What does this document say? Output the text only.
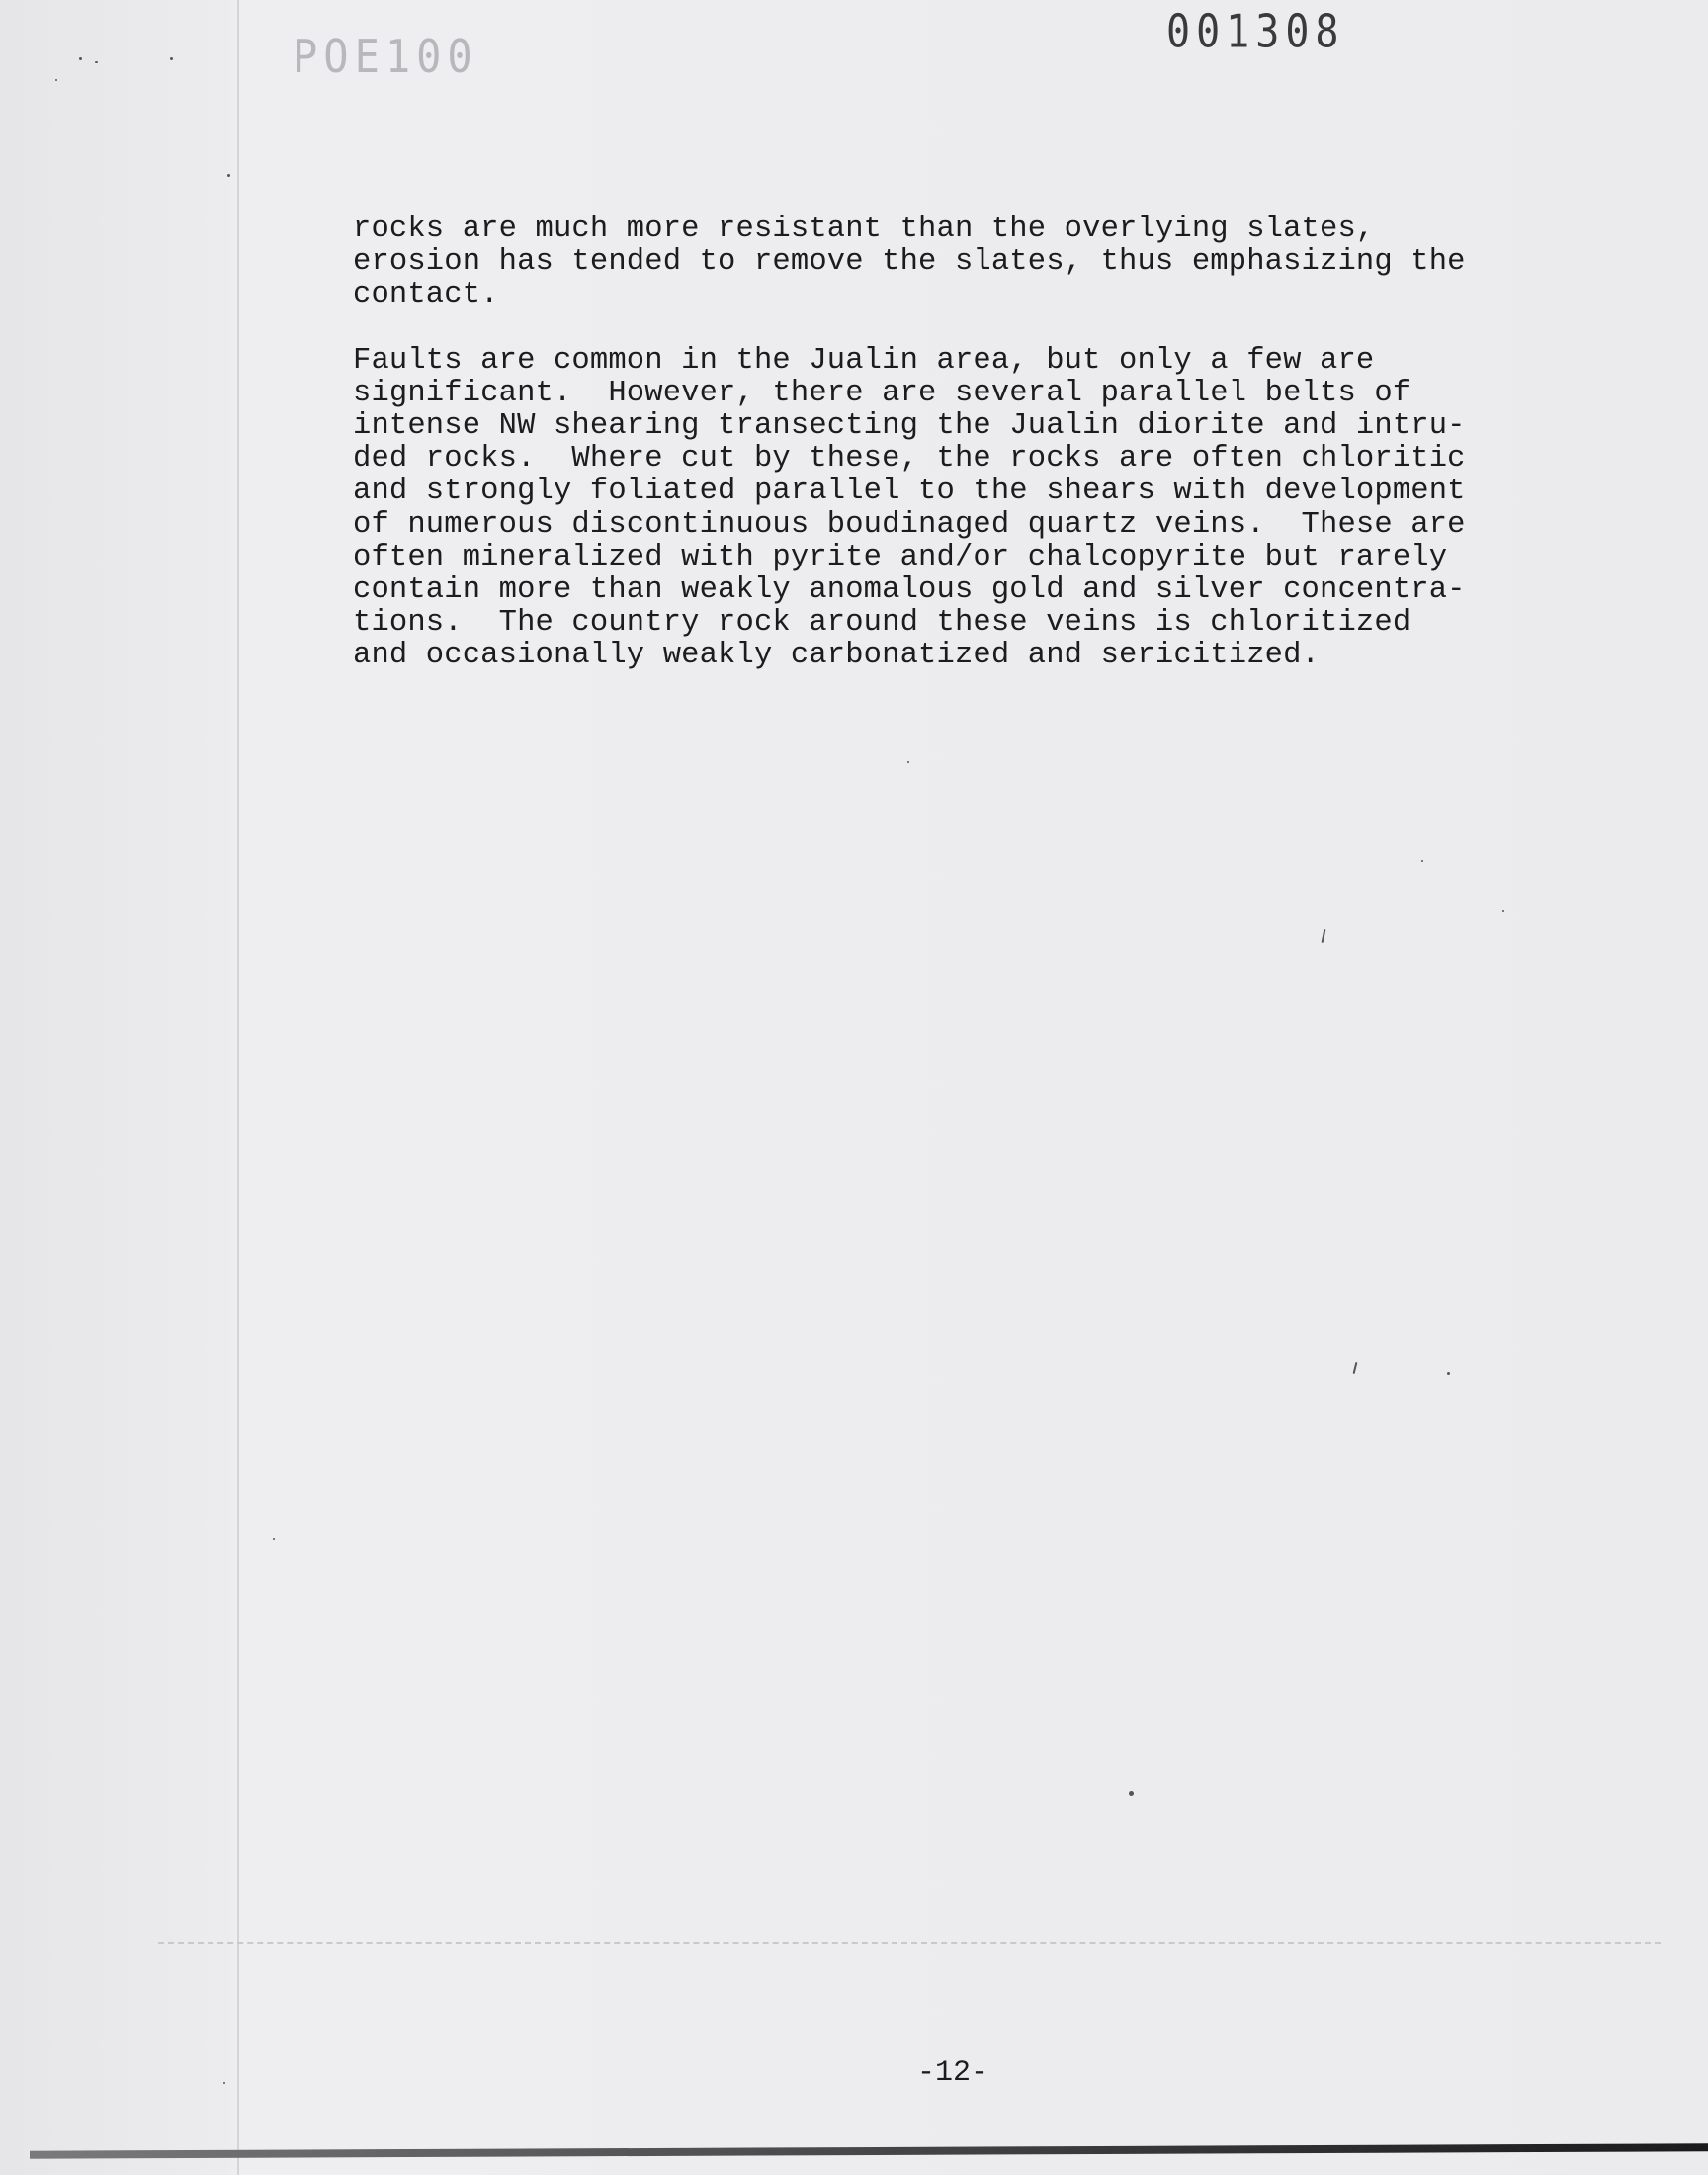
POE100	001308
rocks are much more resistant than the overlying slates,
erosion has tended to remove the slates, thus emphasizing the
contact.
Faults are common in the Jualin area, but only a few are
significant.  However, there are several parallel belts of
intense NW shearing transecting the Jualin diorite and intru-
ded rocks.  Where cut by these, the rocks are often chloritic
and strongly foliated parallel to the shears with development
of numerous discontinuous boudinaged quartz veins.  These are
often mineralized with pyrite and/or chalcopyrite but rarely
contain more than weakly anomalous gold and silver concentra-
tions.  The country rock around these veins is chloritized
and occasionally weakly carbonatized and sericitized.
-12-
